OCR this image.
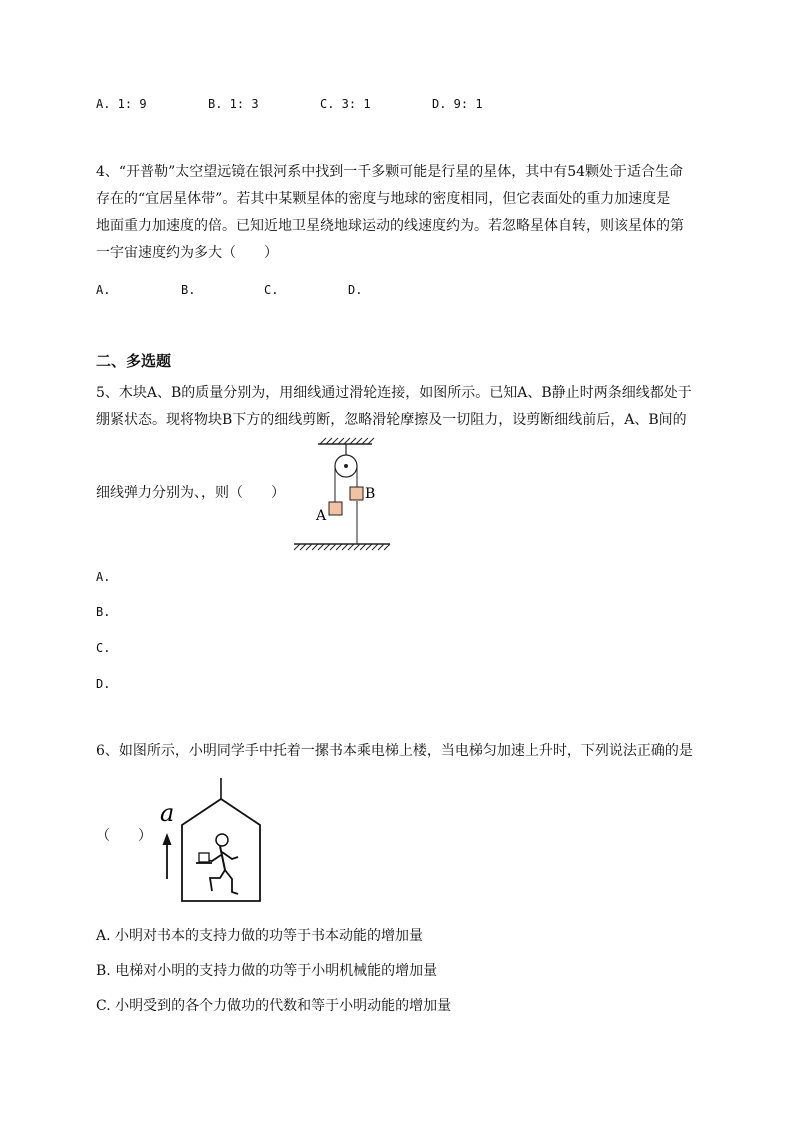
A. 1: 9	B. 1: 3	C. 3: 1	D. 9: 1
4、“开普勒”太空望远镜在银河系中找到一千多颗可能是行星的星体，其中有54颗处于适合生命
存在的“宜居星体带”。若其中某颗星体的密度与地球的密度相同，但它表面处的重力加速度是
地面重力加速度的倍。已知近地卫星绕地球运动的线速度约为。若忽略星体自转，则该星体的第
一宇宙速度约为多大（　　）
A.	B.	C.	D.
二、多选题
5、木块A、B的质量分别为，用细线通过滑轮连接，如图所示。已知A、B静止时两条细线都处于
绷紧状态。现将物块B下方的细线剪断，忽略滑轮摩擦及一切阻力，设剪断细线前后，A、B间的
细线弹力分别为、，则（　　）
A
B
A.
B.
C.
D.
6、如图所示，小明同学手中托着一摞书本乘电梯上楼，当电梯匀加速上升时，下列说法正确的是
（　　）
a
A. 小明对书本的支持力做的功等于书本动能的增加量
B. 电梯对小明的支持力做的功等于小明机械能的增加量
C. 小明受到的各个力做功的代数和等于小明动能的增加量
